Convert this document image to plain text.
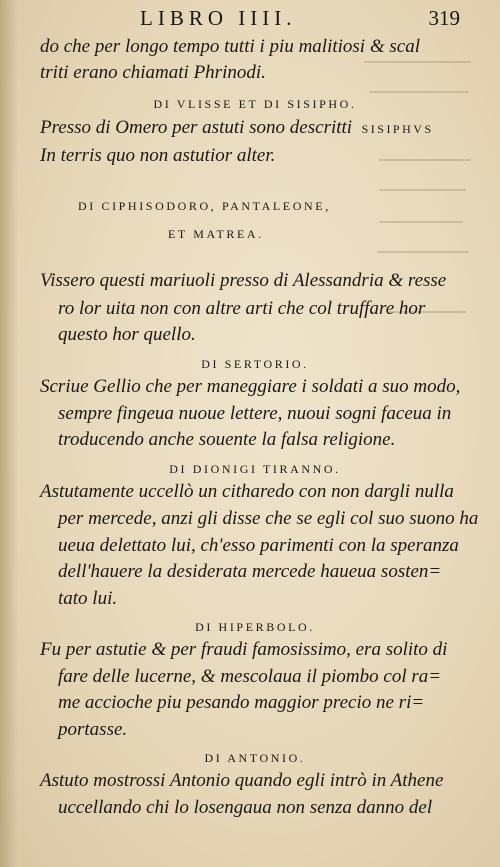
LIBRO IIII.	319
do che per longo tempo tutti i piu malitiosi & scal
triti erano chiamati Phrinodi.
DI VLISSE ET DI SISIPHO.
Presso di Omero per astuti sono descritti SISIPHVS
In terris quo non astutior alter.
DI CIPHISODORO, PANTALEONE,
ET MATREA.
Vissero questi mariuoli presso di Alessandria & resse
ro lor uita non con altre arti che col truffare hor
questo hor quello.
DI SERTORIO.
Scriue Gellio che per maneggiare i soldati a suo modo,
sempre fingeua nuoue lettere, nuoui sogni faceua in
troducendo anche souente la falsa religione.
DI DIONIGI TIRANNO.
Astutamente uccellò un citharedo con non dargli nulla
per mercede, anzi gli disse che se egli col suo suono ha
ueua delettato lui, ch'esso parimenti con la speranza
dell'hauere la desiderata mercede haueua sosten=
tato lui.
DI HIPERBOLO.
Fu per astutie & per fraudi famosissimo, era solito di
fare delle lucerne, & mescolaua il piombo col ra=
me accioche piu pesando maggior precio ne ri=
portasse.
DI ANTONIO.
Astuto mostrossi Antonio quando egli intrò in Athene
uccellando chi lo losengaua non senza danno del
